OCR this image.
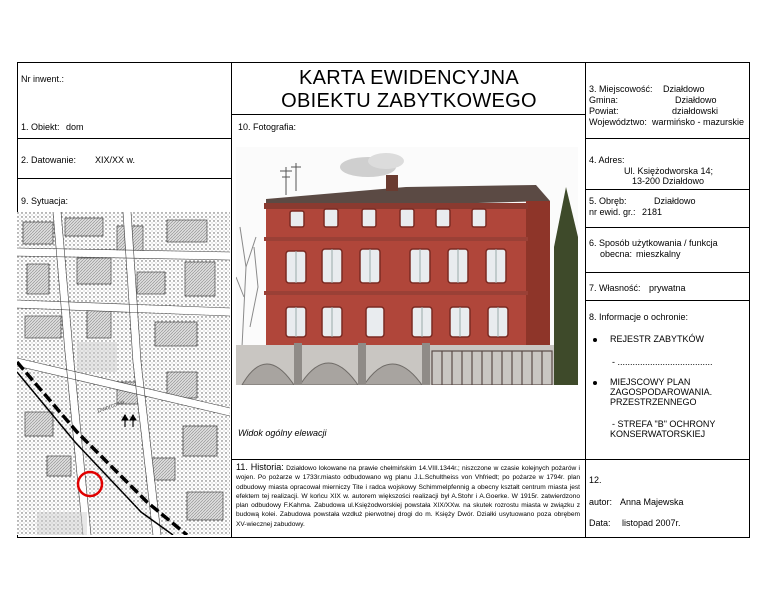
Nr inwent.:
1. Obiekt: dom
2. Datowanie: XIX/XX w.
9. Sytuacja:
Dworcowa
KARTA EWIDENCYJNA
OBIEKTU ZABYTKOWEGO
10. Fotografia:
Widok ogólny elewacji
11. Historia: Działdowo lokowane na prawie chełmińskim 14.VIII.1344r.; niszczone w czasie kolejnych pożarów i wojen. Po pożarze w 1733r.miasto odbudowano wg planu J.L.Schultheiss von Vhfriedt; po pożarze w 1794r. plan odbudowy miasta opracował mierniczy Tite i radca wojskowy Schimmelpfennig a obecny kształt centrum miasta jest efektem tej realizacji. W końcu XIX w. autorem większości realizacji był A.Stohr i A.Goerke. W 1915r. zatwierdzono plan odbudowy F.Kahma. Zabudowa ul.Księżodworskiej powstała XIX/XXw. na skutek rozrostu miasta w związku z budową kolei. Zabudowa powstała wzdłuż pierwotnej drogi do m. Księży Dwór. Działki usytuowano poza obrębem XV-wiecznej zabudowy.
3. Miejscowość: Działdowo
Gmina:	Działdowo
Powiat:	działdowski
Województwo: warmińsko - mazurskie
4. Adres:
Ul. Księżodworska 14;
13-200 Działdowo
5. Obręb:	Działdowo
nr ewid. gr.: 2181
6. Sposób użytkowania / funkcja
obecna: mieszkalny
7. Własność: prywatna
8. Informacje o ochronie:
REJESTR ZABYTKÓW
- ......................................
MIEJSCOWY PLAN
ZAGOSPODAROWANIA.
PRZESTRZENNEGO
- STREFA "B" OCHRONY
KONSERWATORSKIEJ
12.
autor: Anna Majewska
Data: listopad 2007r.
